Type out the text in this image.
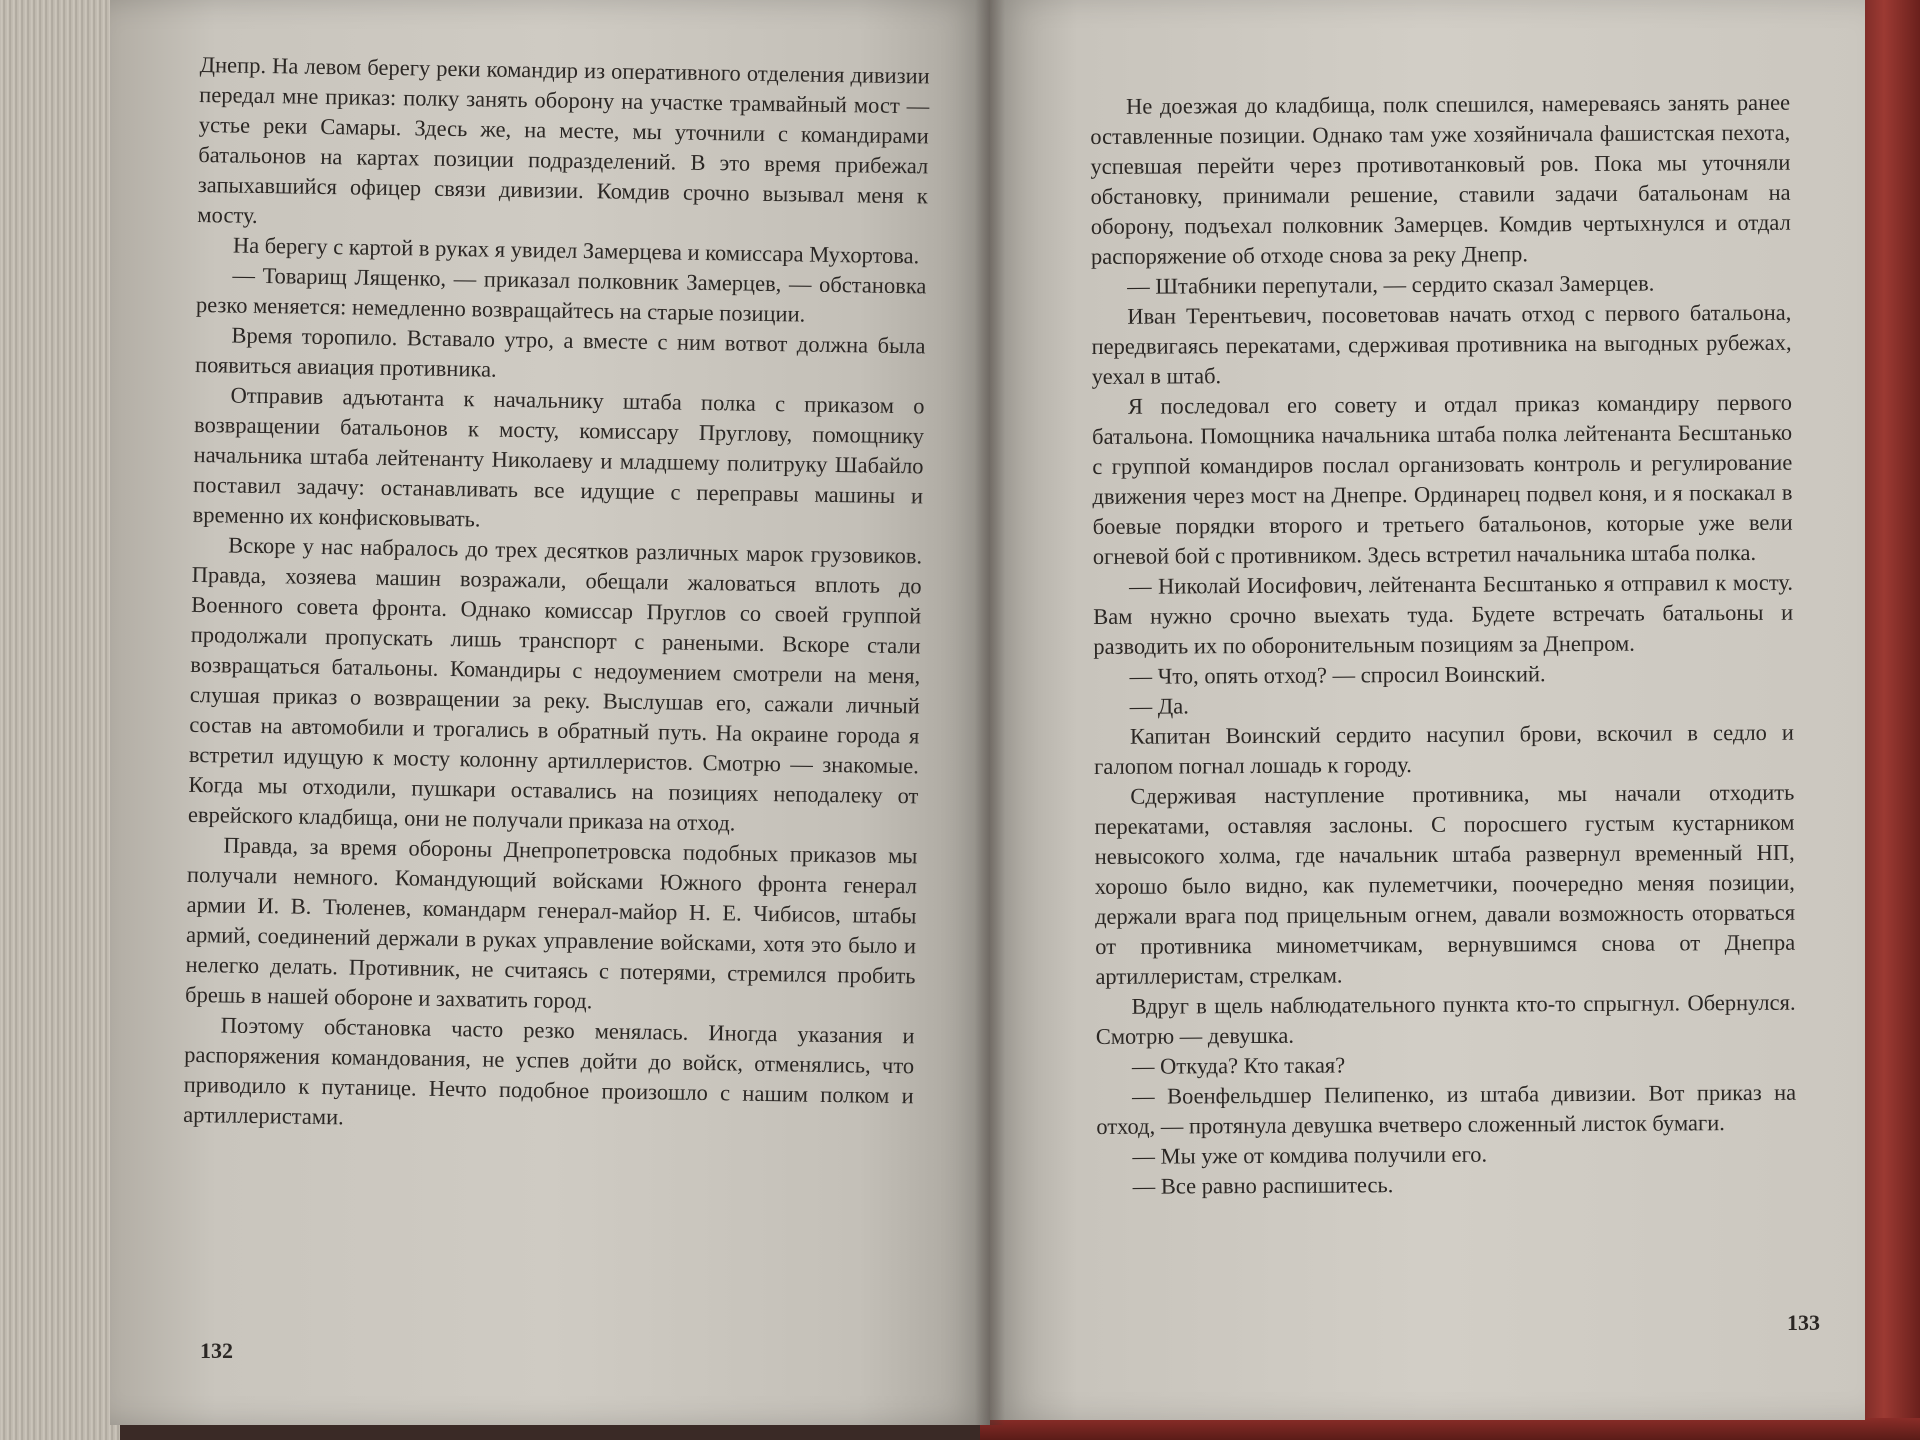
Днепр. На левом берегу реки командир из оперативного отделения дивизии передал мне приказ: полку занять оборону на участке трамвайный мост — устье реки Самары. Здесь же, на месте, мы уточнили с командирами батальонов на картах позиции подразделений. В это время прибежал запыхавшийся офицер связи дивизии. Комдив срочно вызывал меня к мосту.

На берегу с картой в руках я увидел Замерцева и комиссара Мухортова.

— Товарищ Лященко, — приказал полковник Замерцев, — обстановка резко меняется: немедленно возвращайтесь на старые позиции.

Время торопило. Вставало утро, а вместе с ним вотвот должна была появиться авиация противника.

Отправив адъютанта к начальнику штаба полка с приказом о возвращении батальонов к мосту, комиссару Пруглову, помощнику начальника штаба лейтенанту Николаеву и младшему политруку Шабайло поставил задачу: останавливать все идущие с переправы машины и временно их конфисковывать.

Вскоре у нас набралось до трех десятков различных марок грузовиков. Правда, хозяева машин возражали, обещали жаловаться вплоть до Военного совета фронта. Однако комиссар Пруглов со своей группой продолжали пропускать лишь транспорт с ранеными. Вскоре стали возвращаться батальоны. Командиры с недоумением смотрели на меня, слушая приказ о возвращении за реку. Выслушав его, сажали личный состав на автомобили и трогались в обратный путь. На окраине города я встретил идущую к мосту колонну артиллеристов. Смотрю — знакомые. Когда мы отходили, пушкари оставались на позициях неподалеку от еврейского кладбища, они не получали приказа на отход.

Правда, за время обороны Днепропетровска подобных приказов мы получали немного. Командующий войсками Южного фронта генерал армии И. В. Тюленев, командарм генерал-майор Н. Е. Чибисов, штабы армий, соединений держали в руках управление войсками, хотя это было и нелегко делать. Противник, не считаясь с потерями, стремился пробить брешь в нашей обороне и захватить город.

Поэтому обстановка часто резко менялась. Иногда указания и распоряжения командования, не успев дойти до войск, отменялись, что приводило к путанице. Нечто подобное произошло с нашим полком и артиллеристами.

132

Не доезжая до кладбища, полк спешился, намереваясь занять ранее оставленные позиции. Однако там уже хозяйничала фашистская пехота, успевшая перейти через противотанковый ров. Пока мы уточняли обстановку, принимали решение, ставили задачи батальонам на оборону, подъехал полковник Замерцев. Комдив чертыхнулся и отдал распоряжение об отходе снова за реку Днепр.

— Штабники перепутали, — сердито сказал Замерцев.

Иван Терентьевич, посоветовав начать отход с первого батальона, передвигаясь перекатами, сдерживая противника на выгодных рубежах, уехал в штаб.

Я последовал его совету и отдал приказ командиру первого батальона. Помощника начальника штаба полка лейтенанта Бесштанько с группой командиров послал организовать контроль и регулирование движения через мост на Днепре. Ординарец подвел коня, и я поскакал в боевые порядки второго и третьего батальонов, которые уже вели огневой бой с противником. Здесь встретил начальника штаба полка.

— Николай Иосифович, лейтенанта Бесштанько я отправил к мосту. Вам нужно срочно выехать туда. Будете встречать батальоны и разводить их по оборонительным позициям за Днепром.

— Что, опять отход? — спросил Воинский.

— Да.

Капитан Воинский сердито насупил брови, вскочил в седло и галопом погнал лошадь к городу.

Сдерживая наступление противника, мы начали отходить перекатами, оставляя заслоны. С поросшего густым кустарником невысокого холма, где начальник штаба развернул временный НП, хорошо было видно, как пулеметчики, поочередно меняя позиции, держали врага под прицельным огнем, давали возможность оторваться от противника минометчикам, вернувшимся снова от Днепра артиллеристам, стрелкам.

Вдруг в щель наблюдательного пункта кто-то спрыгнул. Обернулся. Смотрю — девушка.

— Откуда? Кто такая?

— Военфельдшер Пелипенко, из штаба дивизии. Вот приказ на отход, — протянула девушка вчетверо сложенный листок бумаги.

— Мы уже от комдива получили его.

— Все равно распишитесь.

133
